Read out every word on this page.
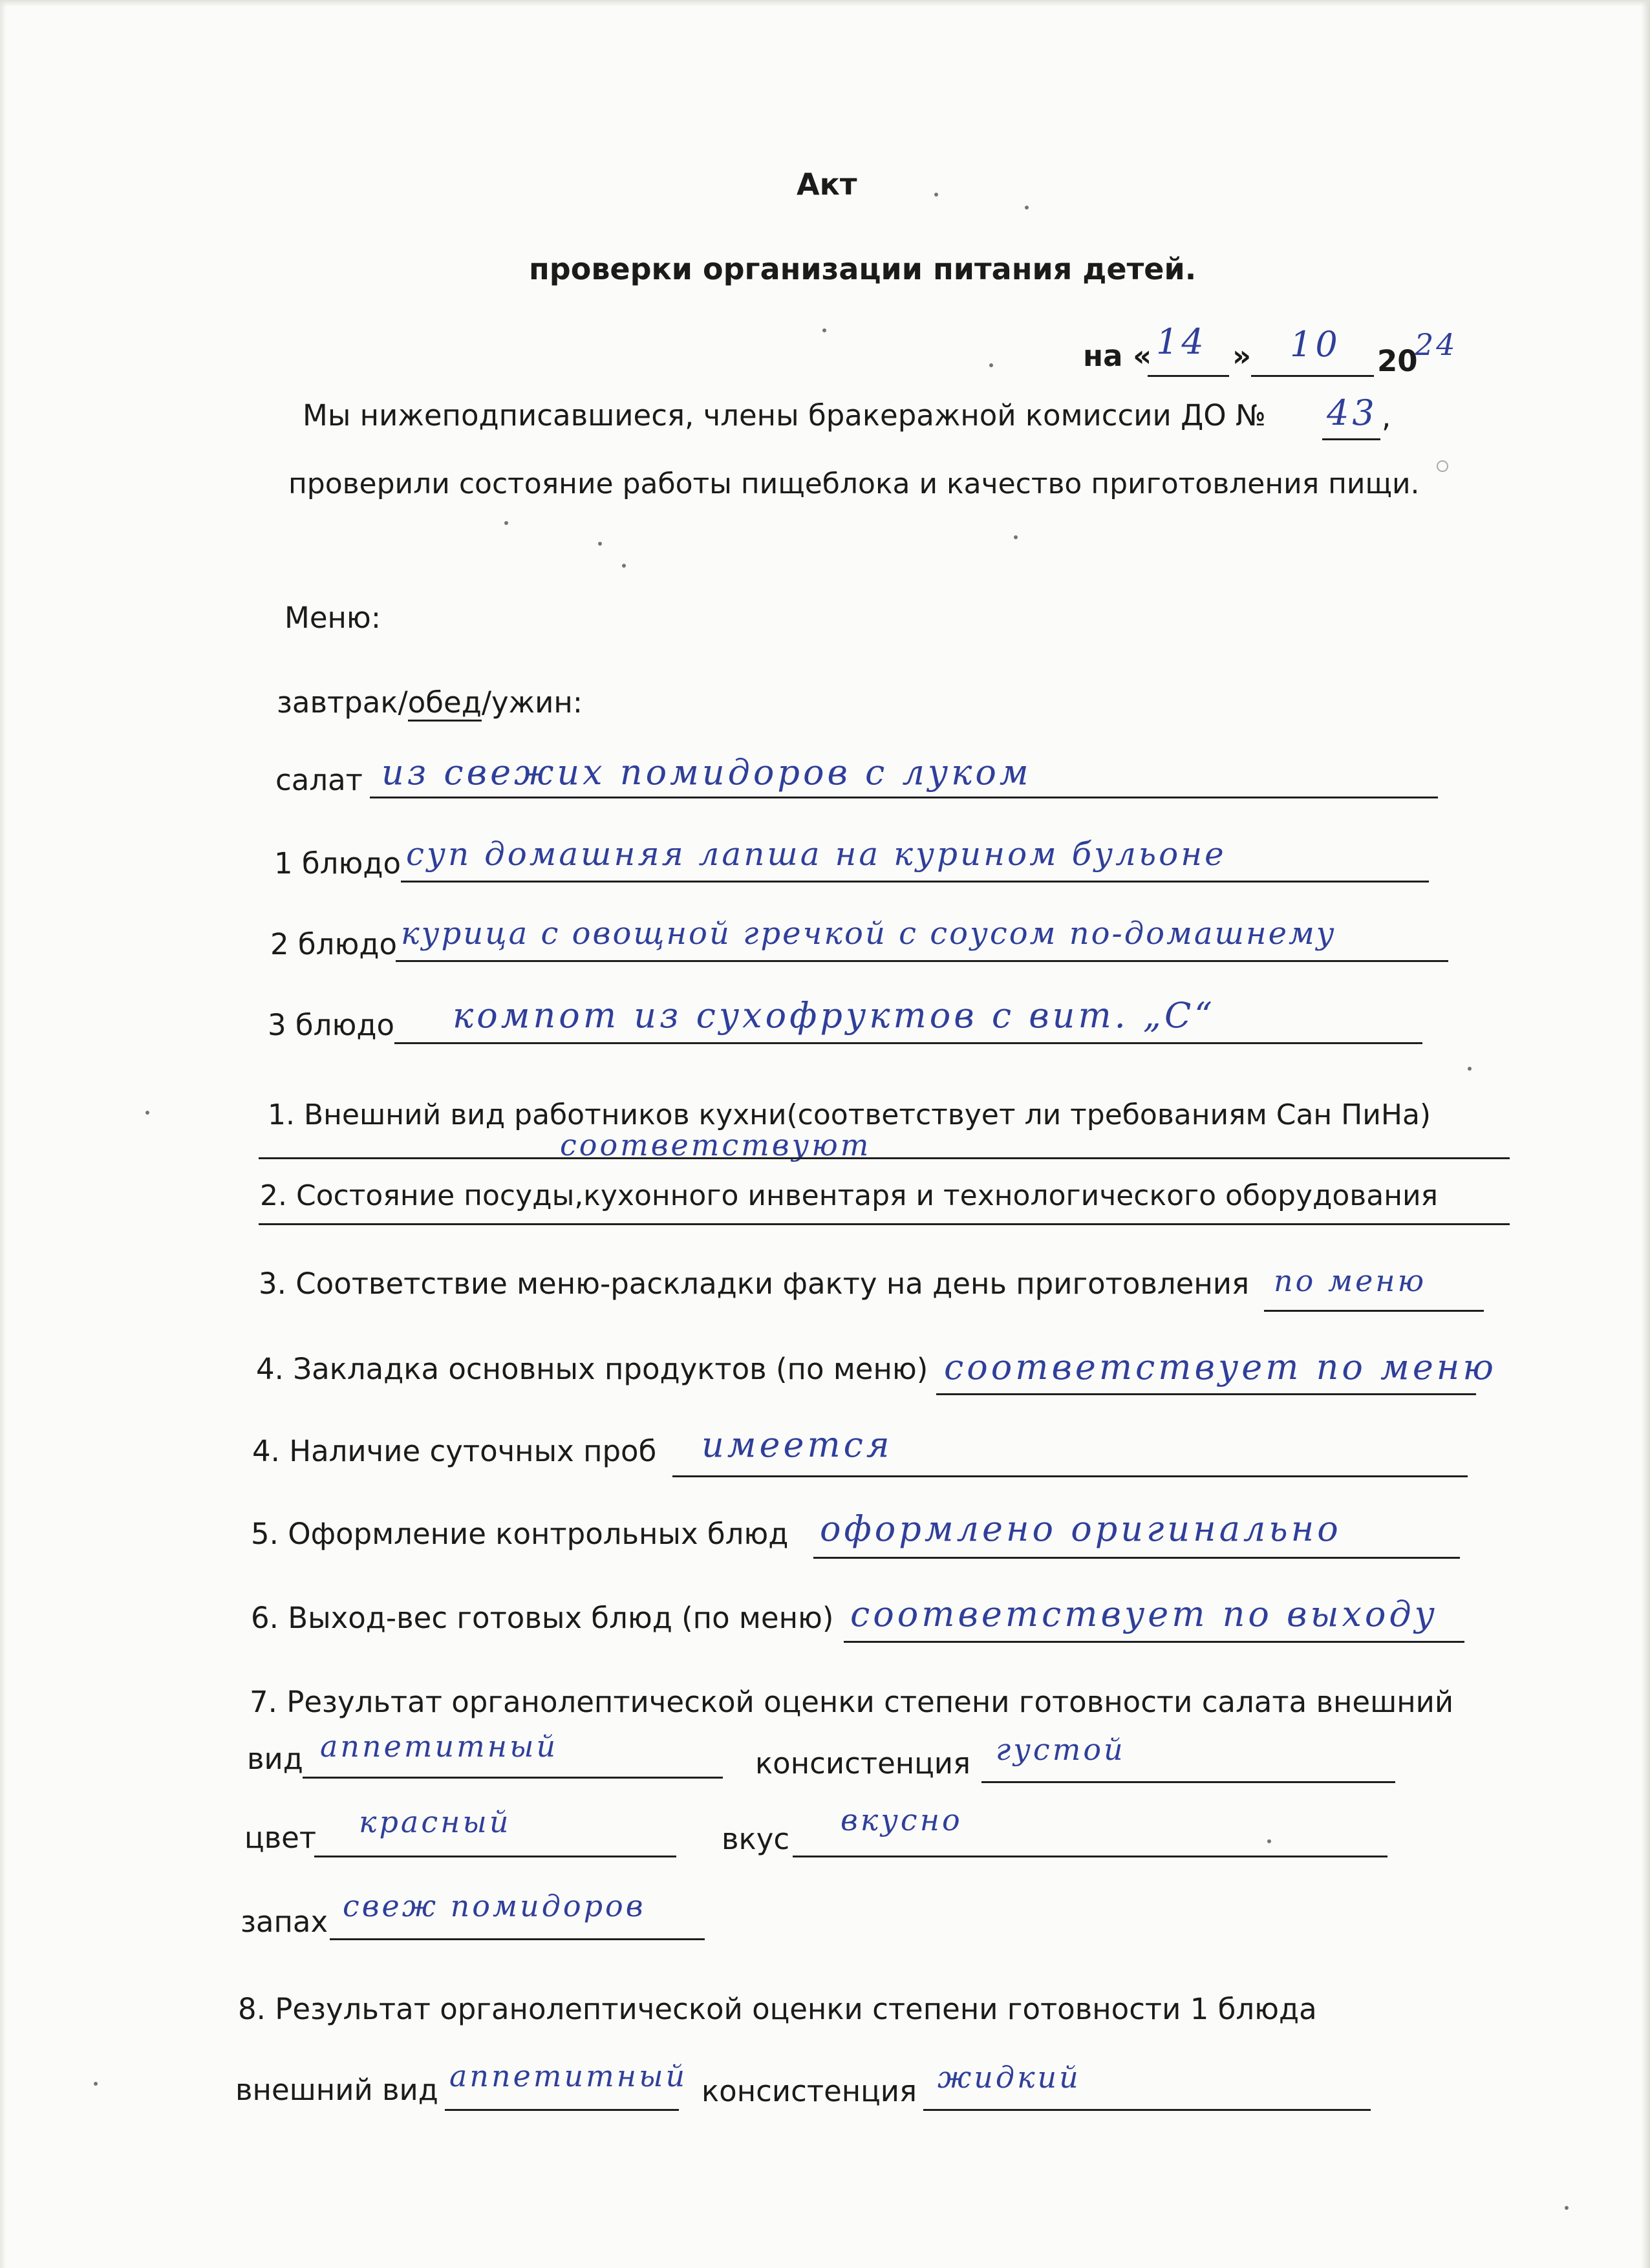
Акт
проверки организации питания детей.
на « 14 » 10 20
24
Мы нижеподписавшиеся, члены бракеражной комиссии ДО № 43 ,
проверили состояние работы пищеблока и качество приготовления пищи.
Меню:
завтрак/обед/ужин:
салат из свежих помидоров с луком
1 блюдо суп домашняя лапша на курином бульоне
2 блюдо курица с овощной гречкой с соусом по-домашнему
3 блюдо компот из сухофруктов с вит. „С“
1. Внешний вид работников кухни(соответствует ли требованиям Сан ПиНа)
соответствуют
2. Состояние посуды,кухонного инвентаря и технологического оборудования
3. Соответствие меню-раскладки факту на день приготовления по меню
4. Закладка основных продуктов (по меню) соответствует по меню
4. Наличие суточных проб имеется
5. Оформление контрольных блюд оформлено оригинально
6. Выход-вес готовых блюд (по меню) соответствует по выходу
7. Результат органолептической оценки степени готовности салата внешний
вид аппетитный	консистенция густой
цвет красный	вкус
вкусно
запах свеж помидоров
8. Результат органолептической оценки степени готовности 1 блюда
внешний вид аппетитный консистенция жидкий
